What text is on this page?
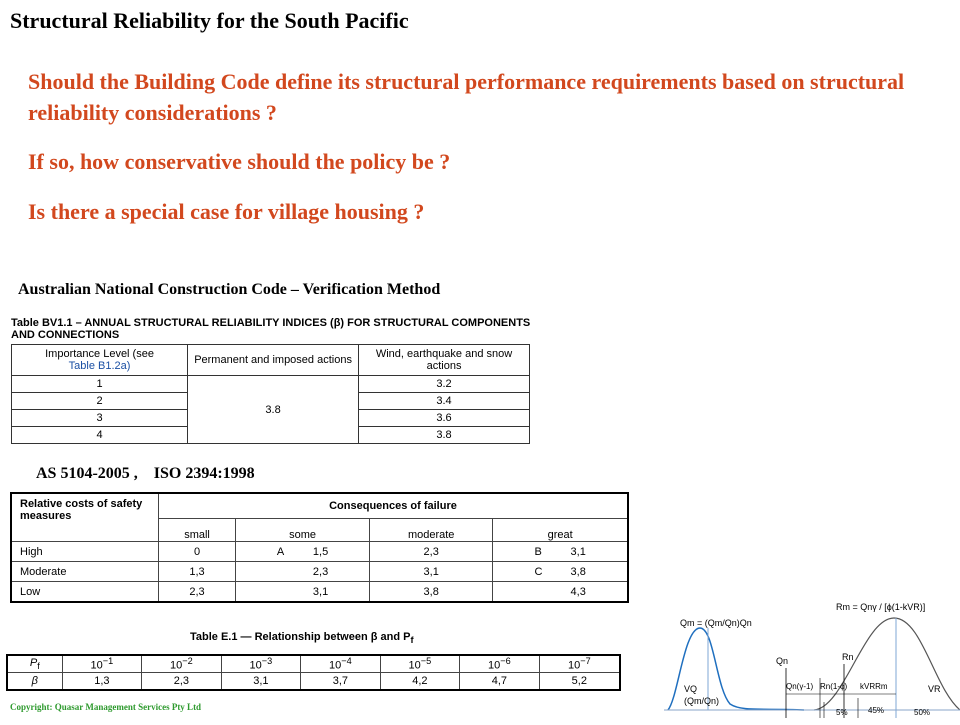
Structural Reliability for the South Pacific
Should the Building Code define its structural performance requirements based on structural reliability considerations ?
If so, how conservative should the policy be ?
Is there a special case for village housing ?
Australian National Construction Code – Verification Method
Table BV1.1 – ANNUAL STRUCTURAL RELIABILITY INDICES (β) FOR STRUCTURAL COMPONENTS AND CONNECTIONS
Importance Level (see
Table B1.2a)	Permanent and imposed actions	Wind, earthquake and snow actions
1	3.8	3.2
2		3.4
3		3.6
4		3.8
AS 5104-2005 ,    ISO 2394:1998
Relative costs of safety measures	Consequences of failure			
	small	some	moderate	great
High	0	A 1,5	2,3	B 3,1
Moderate	1,3	2,3	3,1	C 3,8
Low	2,3	3,1	3,8	4,3
Table E.1 — Relationship between β and $P_f$
$P_f$	$10^{-1}$	$10^{-2}$	$10^{-3}$	$10^{-4}$	$10^{-5}$	$10^{-6}$	$10^{-7}$
β	1,3	2,3	3,1	3,7	4,2	4,7	5,2
Copyright: Quasar Management Services Pty Ltd
Rm = Qnγ / [ϕ(1-kVR)]
Qm = (Qm/Qn)Qn
Qn	Rn
VQ
(Qm/Qn)
Qn(γ-1) Rn(1-ϕ) kVRRm	VR
5%	45%	50%
